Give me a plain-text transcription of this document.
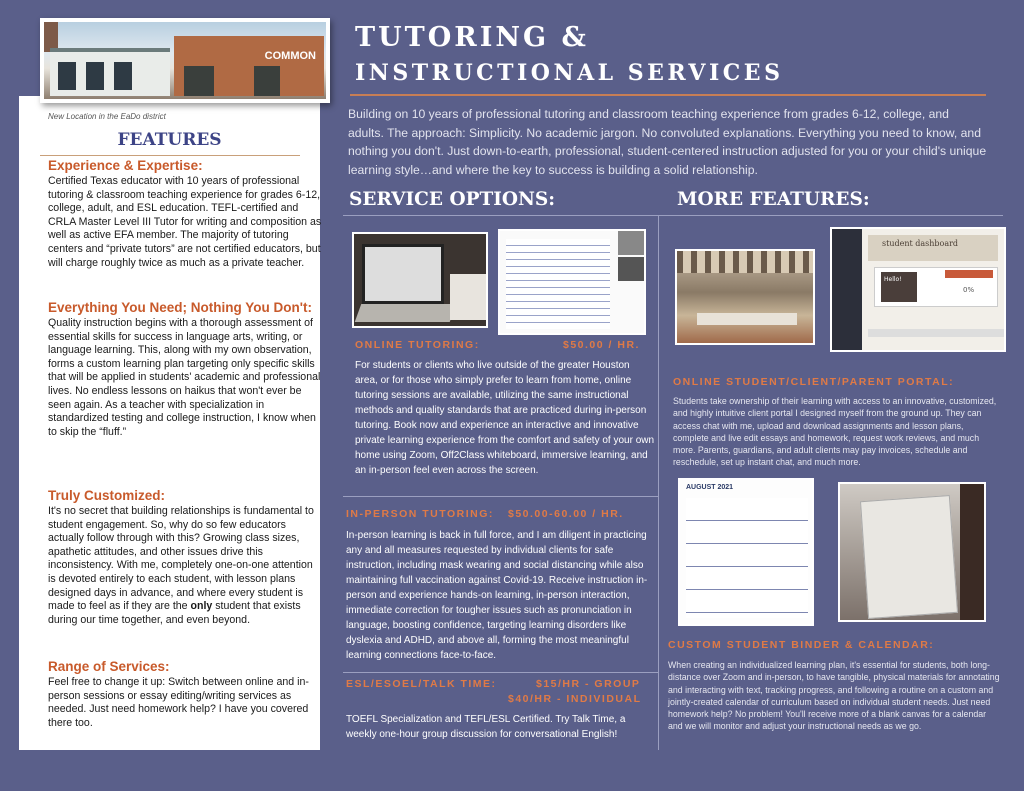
COMMON
New Location in the EaDo district
FEATURES
Experience & Expertise:

Certified Texas educator with 10 years of professional tutoring & classroom teaching experience for grades 6-12, college, adult, and ESL education. TEFL-certified and CRLA Master Level III Tutor for writing and composition as well as active EFA member. The majority of tutoring centers and “private tutors” are not certified educators, but will charge roughly twice as much as a private teacher.

Everything You Need; Nothing You Don't:

Quality instruction begins with a thorough assessment of essential skills for success in language arts, writing, or language learning. This, along with my own observation, forms a custom learning plan targeting only specific skills that will be applied in students' academic and professional lives. No endless lessons on haikus that won't ever be seen again. As a teacher with specialization in standardized testing and college instruction, I know when to skip the “fluff.”

Truly Customized:

It's no secret that building relationships is fundamental to student engagement. So, why do so few educators actually follow through with this? Growing class sizes, apathetic attitudes, and other issues drive this inconsistency. With me, completely one-on-one attention is devoted entirely to each student, with lesson plans designed days in advance, and where every student is made to feel as if they are the only student that exists during our time together, and even beyond.

Range of Services:

Feel free to change it up: Switch between online and in-person sessions or essay editing/writing services as needed. Just need homework help? I have you covered there too.

TUTORING &
INSTRUCTIONAL SERVICES
Building on 10 years of professional tutoring and classroom teaching experience from grades 6-12, college, and adults. The approach: Simplicity. No academic jargon. No convoluted explanations. Everything you need to know, and nothing you don't. Just down-to-earth, professional, student-centered instruction adjusted for you or your child's unique learning style…and where the key to success is building a solid relationship.
SERVICE OPTIONS:	MORE FEATURES:
ONLINE TUTORING:	$50.00 / HR.
For students or clients who live outside of the greater Houston area, or for those who simply prefer to learn from home, online tutoring sessions are available, utilizing the same instructional methods and quality standards that are practiced during in-person tutoring. Book now and experience an interactive and innovative private learning experience from the comfort and safety of your own home using Zoom, Off2Class whiteboard, immersive learning, and an in-person feel even across the screen.
IN-PERSON TUTORING: $50.00-60.00 / HR.
In-person learning is back in full force, and I am diligent in practicing any and all measures requested by individual clients for safe instruction, including mask wearing and social distancing while also maintaining full vaccination against Covid-19. Receive instruction in-person and experience hands-on learning, in-person interaction, immediate correction for tougher issues such as pronunciation in language, boosting confidence, targeting learning disorders like dyslexia and ADHD, and above all, forming the most meaningful learning connections face-to-face.
ESL/ESOEL/TALK TIME:	$15/HR - GROUP
$40/HR - INDIVIDUAL
TOEFL Specialization and TEFL/ESL Certified. Try Talk Time, a weekly one-hour group discussion for conversational English!
student dashboard
Hello!
0%
ONLINE STUDENT/CLIENT/PARENT PORTAL:
Students take ownership of their learning with access to an innovative, customized, and highly intuitive client portal I designed myself from the ground up. They can access chat with me, upload and download assignments and lesson plans, complete and live edit essays and homework, request work reviews, and much more. Parents, guardians, and adult clients may pay invoices, schedule and reschedule, set up instant chat, and much more.
AUGUST 2021
CUSTOM STUDENT BINDER & CALENDAR:
When creating an individualized learning plan, it's essential for students, both long-distance over Zoom and in-person, to have tangible, physical materials for annotating and interacting with text, tracking progress, and following a routine on a custom and jointly-created calendar of curriculum based on individual student needs. Just need homework help? No problem! You'll receive more of a blank canvas for a calendar and we will monitor and adjust your instructional needs as we go.
